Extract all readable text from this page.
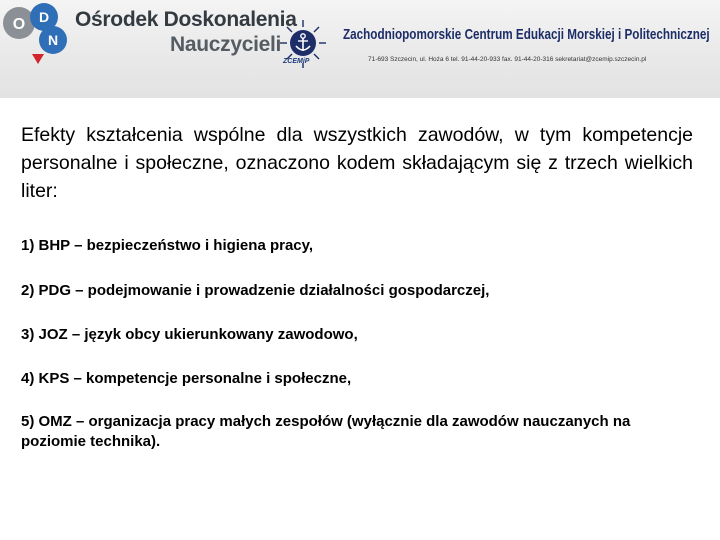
O D
N
Ośrodek Doskonalenia
Nauczycieli
ZCEMiP
Zachodniopomorskie Centrum Edukacji Morskiej i Politechnicznej
71-693 Szczecin, ul. Hoża 6 tel. 91-44-20-933 fax. 91-44-20-316 sekretariat@zcemip.szczecin.pl

Efekty kształcenia wspólne dla wszystkich zawodów, w tym kompetencje personalne i społeczne, oznaczono kodem składającym się z trzech wielkich liter:

1) BHP – bezpieczeństwo i higiena pracy,
2) PDG – podejmowanie i prowadzenie działalności gospodarczej,
3) JOZ – język obcy ukierunkowany zawodowo,
4) KPS – kompetencje personalne i społeczne,
5) OMZ – organizacja pracy małych zespołów (wyłącznie dla zawodów nauczanych na poziomie technika).
